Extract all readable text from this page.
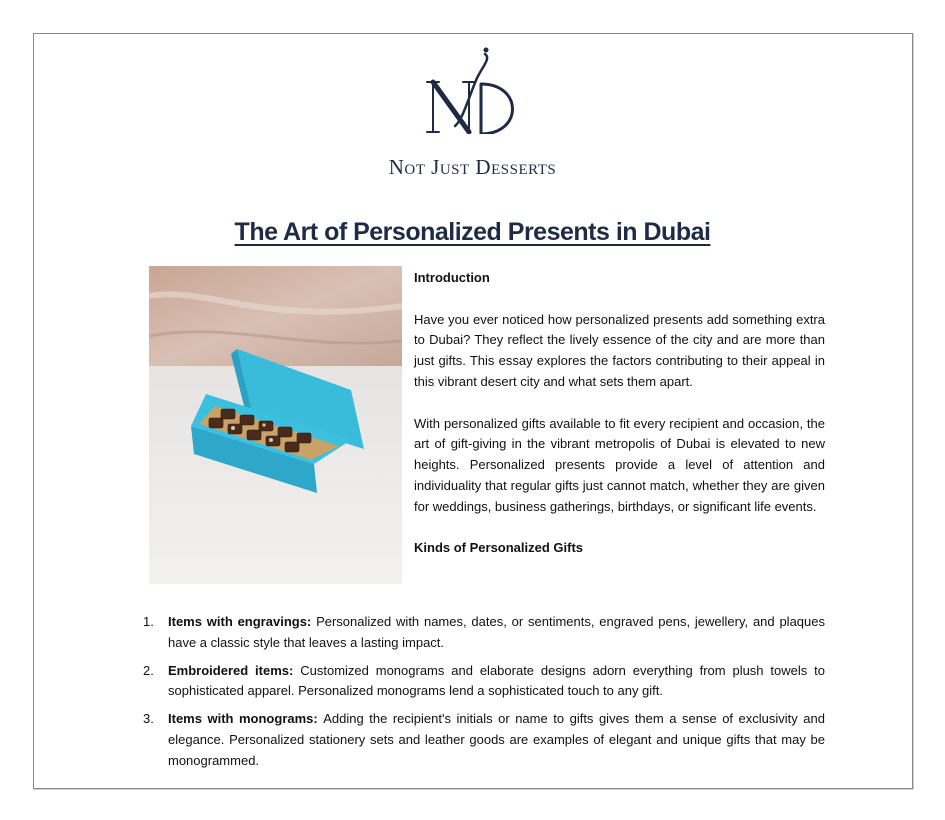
Not Just Desserts
The Art of Personalized Presents in Dubai
Introduction

Have you ever noticed how personalized presents add something extra to Dubai? They reflect the lively essence of the city and are more than just gifts. This essay explores the factors contributing to their appeal in this vibrant desert city and what sets them apart.

With personalized gifts available to fit every recipient and occasion, the art of gift-giving in the vibrant metropolis of Dubai is elevated to new heights. Personalized presents provide a level of attention and individuality that regular gifts just cannot match, whether they are given for weddings, business gatherings, birthdays, or significant life events.

Kinds of Personalized Gifts
1. Items with engravings: Personalized with names, dates, or sentiments, engraved pens, jewellery, and plaques have a classic style that leaves a lasting impact.
2. Embroidered items: Customized monograms and elaborate designs adorn everything from plush towels to sophisticated apparel. Personalized monograms lend a sophisticated touch to any gift.
3. Items with monograms: Adding the recipient's initials or name to gifts gives them a sense of exclusivity and elegance. Personalized stationery sets and leather goods are examples of elegant and unique gifts that may be monogrammed.
